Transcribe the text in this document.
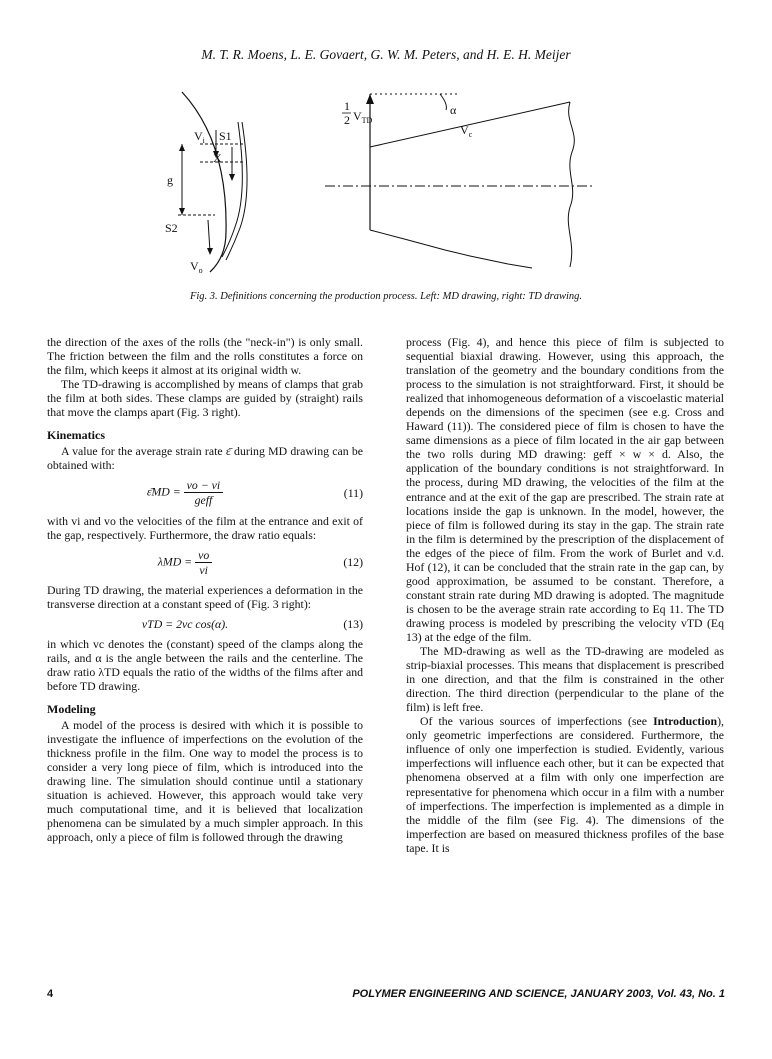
M. T. R. Moens, L. E. Govaert, G. W. M. Peters, and H. E. H. Meijer
$V_i$ S1
X
g
S2
$V_o$
1
2 $V_{TD}$
α
$V_c$
Fig. 3. Definitions concerning the production process. Left: MD drawing, right: TD drawing.

the direction of the axes of the rolls (the "neck-in") is only small. The friction between the film and the rolls constitutes a force on the film, which keeps it almost at its original width w.

The TD-drawing is accomplished by means of clamps that grab the film at both sides. These clamps are guided by (straight) rails that move the clamps apart (Fig. 3 right).

Kinematics

A value for the average strain rate ε̄ during MD drawing can be obtained with:

ε̄MD = $\frac{vo - vi}{\text{geff}}$	(11)

with vi and vo the velocities of the film at the entrance and exit of the gap, respectively. Furthermore, the draw ratio equals:

$\lambda MD = \frac{vo}{vi}$	(12)

During TD drawing, the material experiences a deformation in the transverse direction at a constant speed of (Fig. 3 right):

vTD = 2vc cos(α).	(13)

in which vc denotes the (constant) speed of the clamps along the rails, and α is the angle between the rails and the centerline. The draw ratio λTD equals the ratio of the widths of the films after and before TD drawing.

Modeling

A model of the process is desired with which it is possible to investigate the influence of imperfections on the evolution of the thickness profile in the film. One way to model the process is to consider a very long piece of film, which is introduced into the drawing line. The simulation should continue until a stationary situation is achieved. However, this approach would take very much computational time, and it is believed that localization phenomena can be simulated by a much simpler approach. In this approach, only a piece of film is followed through the drawing

process (Fig. 4), and hence this piece of film is subjected to sequential biaxial drawing. However, using this approach, the translation of the geometry and the boundary conditions from the process to the simulation is not straightforward. First, it should be realized that inhomogeneous deformation of a viscoelastic material depends on the dimensions of the specimen (see e.g. Cross and Haward (11)). The considered piece of film is chosen to have the same dimensions as a piece of film located in the air gap between the two rolls during MD drawing: geff × w × d. Also, the application of the boundary conditions is not straightforward. In the process, during MD drawing, the velocities of the film at the entrance and at the exit of the gap are prescribed. The strain rate at locations inside the gap is unknown. In the model, however, the piece of film is followed during its stay in the gap. The strain rate in the film is determined by the prescription of the displacement of the edges of the piece of film. From the work of Burlet and v.d. Hof (12), it can be concluded that the strain rate in the gap can, by good approximation, be assumed to be constant. Therefore, a constant strain rate during MD drawing is adopted. The magnitude is chosen to be the average strain rate according to Eq 11. The TD drawing process is modeled by prescribing the velocity vTD (Eq 13) at the edge of the film.

The MD-drawing as well as the TD-drawing are modeled as strip-biaxial processes. This means that displacement is prescribed in one direction, and that the film is constrained in the other direction. The third direction (perpendicular to the plane of the film) is left free.

Of the various sources of imperfections (see Introduction), only geometric imperfections are considered. Furthermore, the influence of only one imperfection is studied. Evidently, various imperfections will influence each other, but it can be expected that phenomena observed at a film with only one imperfection are representative for phenomena which occur in a film with a number of imperfections. The imperfection is implemented as a dimple in the middle of the film (see Fig. 4). The dimensions of the imperfection are based on measured thickness profiles of the base tape. It is

4	POLYMER ENGINEERING AND SCIENCE, JANUARY 2003, Vol. 43, No. 1
